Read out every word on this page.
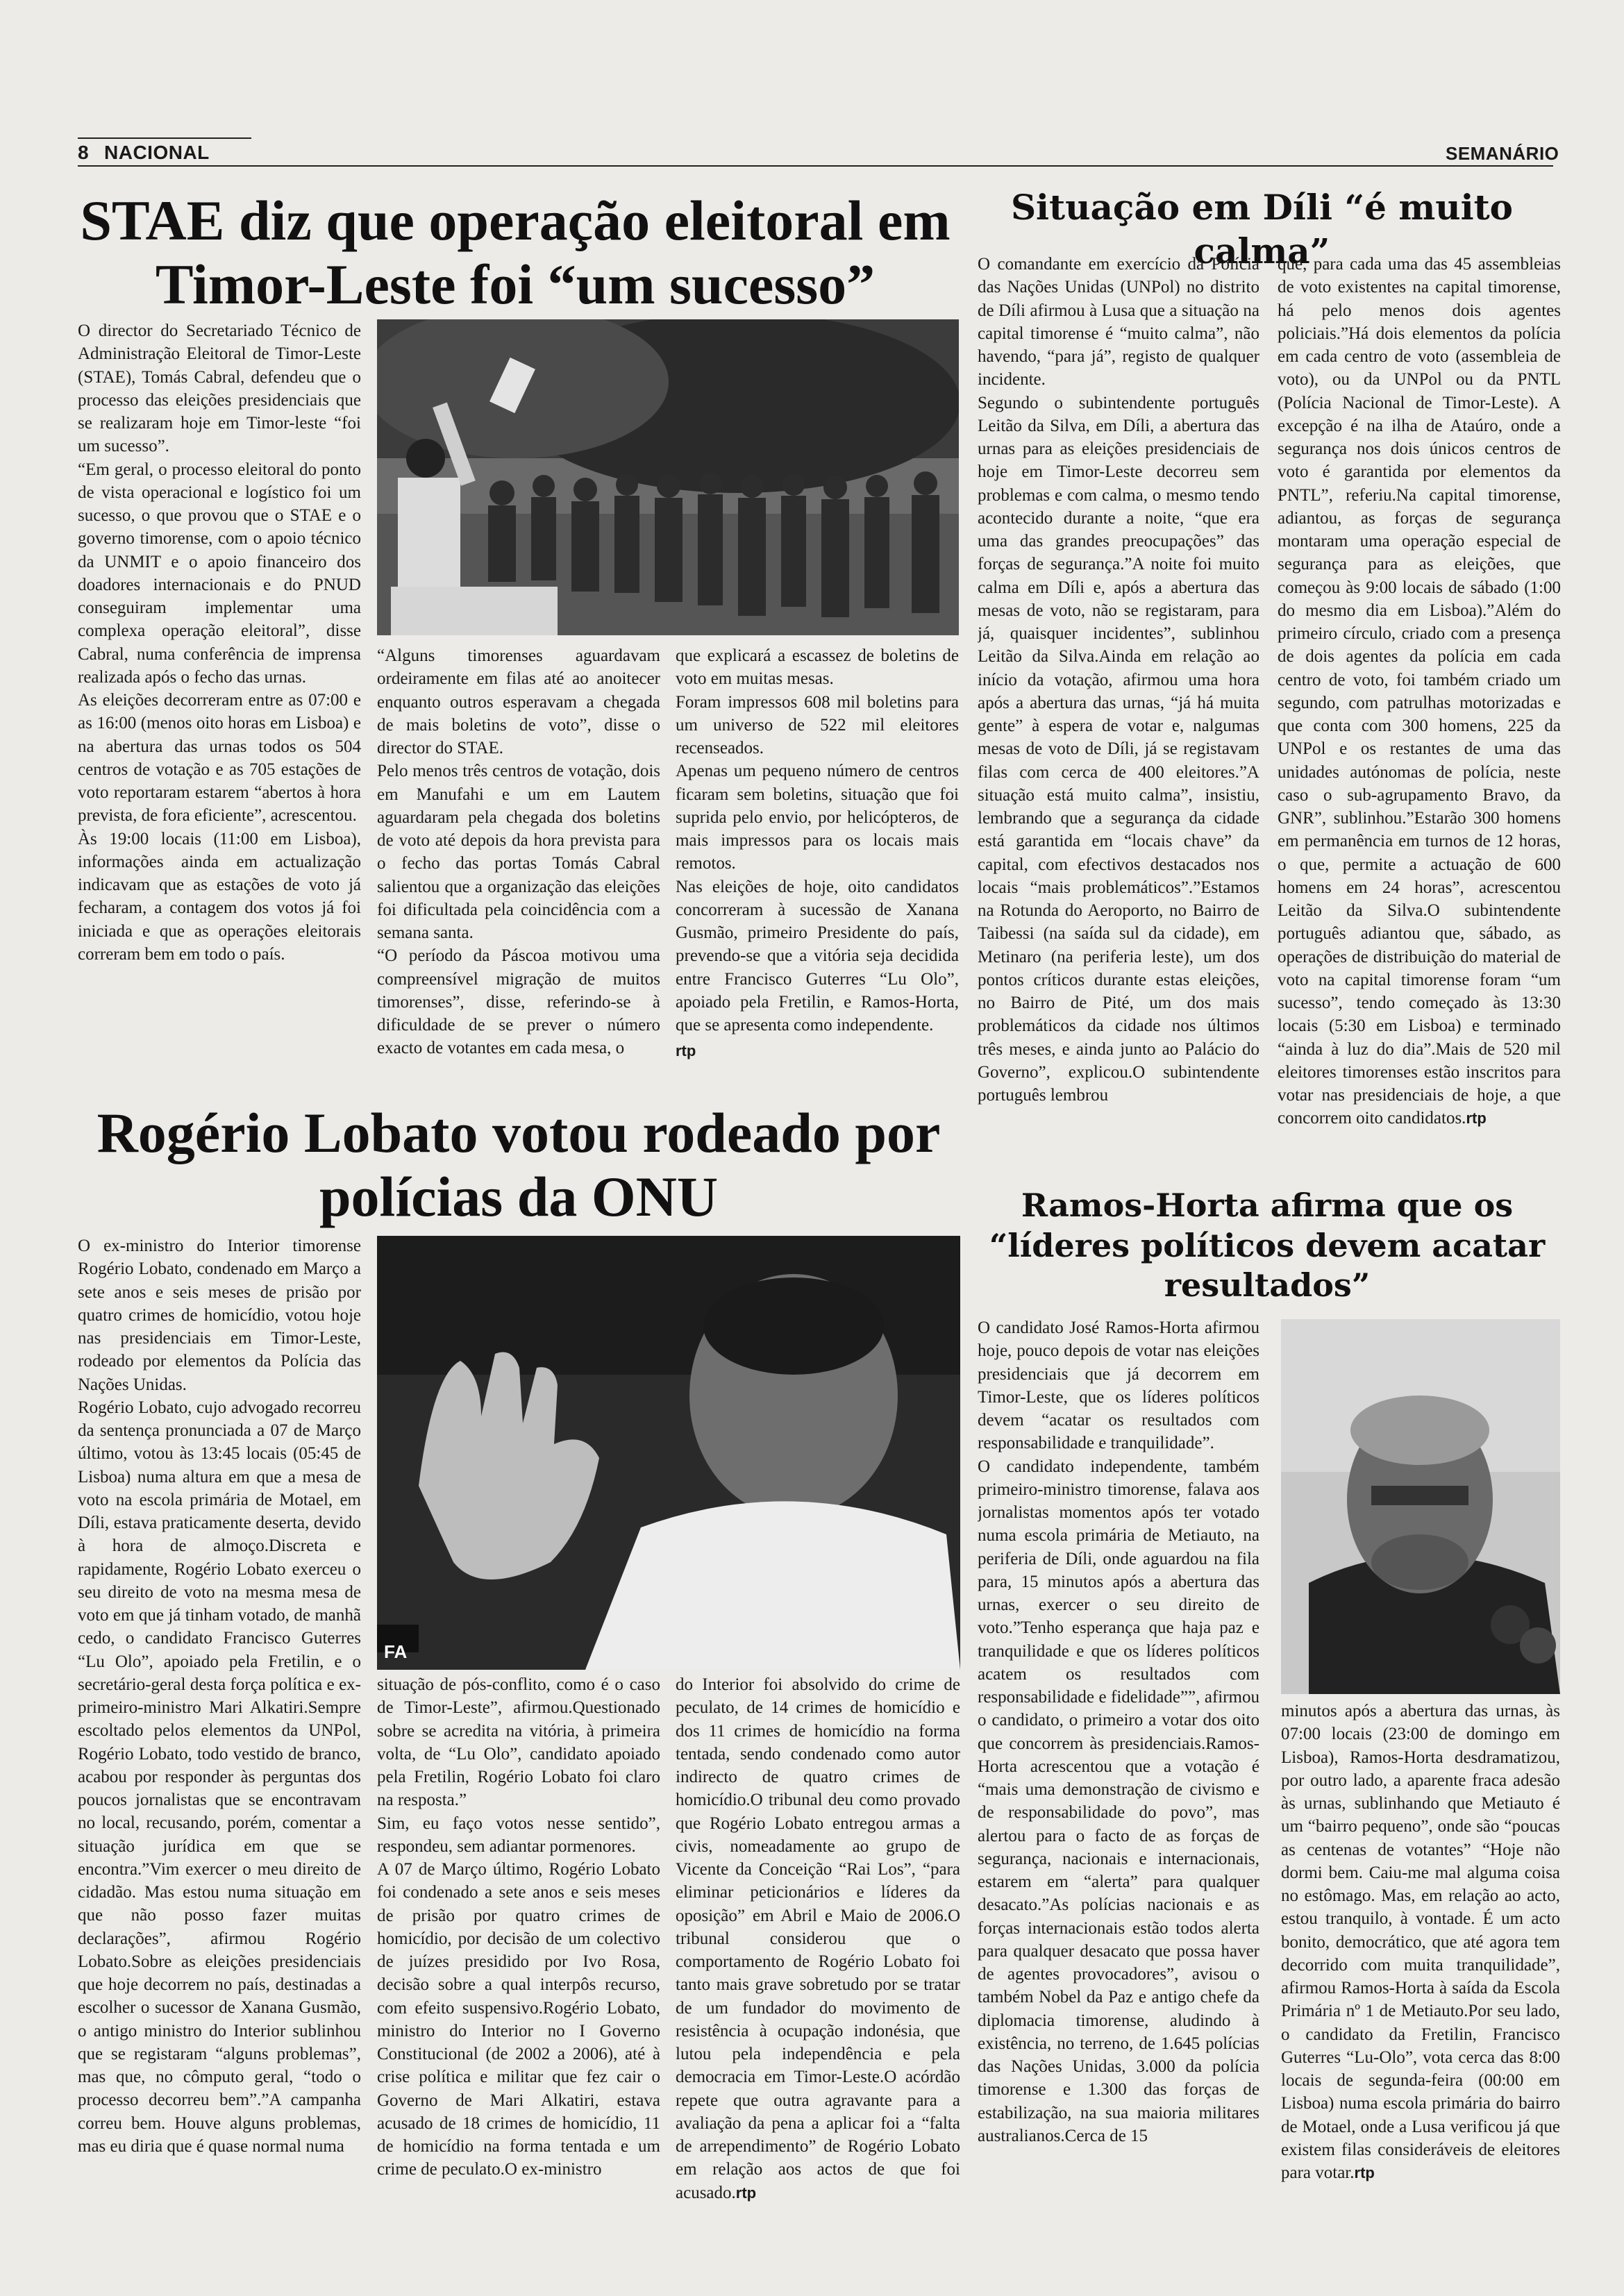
8 NACIONAL	SEMANÁRIO
STAE diz que operação eleitoral em
Timor-Leste foi “um sucesso”
O director do Secretariado Técnico de Administração Eleitoral de Timor-Leste (STAE), Tomás Cabral, defendeu que o processo das eleições presidenciais que se realizaram hoje em Timor-leste “foi um sucesso”.
“Em geral, o processo eleitoral do ponto de vista operacional e logístico foi um sucesso, o que provou que o STAE e o governo timorense, com o apoio técnico da UNMIT e o apoio financeiro dos doadores internacionais e do PNUD conseguiram implementar uma complexa operação eleitoral”, disse Cabral, numa conferência de imprensa realizada após o fecho das urnas.
As eleições decorreram entre as 07:00 e as 16:00 (menos oito horas em Lisboa) e na abertura das urnas todos os 504 centros de votação e as 705 estações de voto reportaram estarem “abertos à hora prevista, de fora eficiente”, acrescentou.
Às 19:00 locais (11:00 em Lisboa), informações ainda em actualização indicavam que as estações de voto já fecharam, a contagem dos votos já foi iniciada e que as operações eleitorais correram bem em todo o país.
“Alguns timorenses aguardavam ordeiramente em filas até ao anoitecer enquanto outros esperavam a chegada de mais boletins de voto”, disse o director do STAE.
Pelo menos três centros de votação, dois em Manufahi e um em Lautem aguardaram pela chegada dos boletins de voto até depois da hora prevista para o fecho das portas Tomás Cabral salientou que a organização das eleições foi dificultada pela coincidência com a semana santa.
“O período da Páscoa motivou uma compreensível migração de muitos timorenses”, disse, referindo-se à dificuldade de se prever o número exacto de votantes em cada mesa, o
que explicará a escassez de boletins de voto em muitas mesas.
Foram impressos 608 mil boletins para um universo de 522 mil eleitores recenseados.
Apenas um pequeno número de centros ficaram sem boletins, situação que foi suprida pelo envio, por helicópteros, de mais impressos para os locais mais remotos.
Nas eleições de hoje, oito candidatos concorreram à sucessão de Xanana Gusmão, primeiro Presidente do país, prevendo-se que a vitória seja decidida entre Francisco Guterres “Lu Olo”, apoiado pela Fretilin, e Ramos-Horta, que se apresenta como independente.
rtp
Situação em Díli “é muito calma”
O comandante em exercício da Polícia das Nações Unidas (UNPol) no distrito de Díli afirmou à Lusa que a situação na capital timorense é “muito calma”, não havendo, “para já”, registo de qualquer incidente.
Segundo o subintendente português Leitão da Silva, em Díli, a abertura das urnas para as eleições presidenciais de hoje em Timor-Leste decorreu sem problemas e com calma, o mesmo tendo acontecido durante a noite, “que era uma das grandes preocupações” das forças de segurança.”A noite foi muito calma em Díli e, após a abertura das mesas de voto, não se registaram, para já, quaisquer incidentes”, sublinhou Leitão da Silva.Ainda em relação ao início da votação, afirmou uma hora após a abertura das urnas, “já há muita gente” à espera de votar e, nalgumas mesas de voto de Díli, já se registavam filas com cerca de 400 eleitores.”A situação está muito calma”, insistiu, lembrando que a segurança da cidade está garantida em “locais chave” da capital, com efectivos destacados nos locais “mais problemáticos”.”Estamos na Rotunda do Aeroporto, no Bairro de Taibessi (na saída sul da cidade), em Metinaro (na periferia leste), um dos pontos críticos durante estas eleições, no Bairro de Pité, um dos mais problemáticos da cidade nos últimos três meses, e ainda junto ao Palácio do Governo”, explicou.O subintendente português lembrou
que, para cada uma das 45 assembleias de voto existentes na capital timorense, há pelo menos dois agentes policiais.”Há dois elementos da polícia em cada centro de voto (assembleia de voto), ou da UNPol ou da PNTL (Polícia Nacional de Timor-Leste). A excepção é na ilha de Ataúro, onde a segurança nos dois únicos centros de voto é garantida por elementos da PNTL”, referiu.Na capital timorense, adiantou, as forças de segurança montaram uma operação especial de segurança para as eleições, que começou às 9:00 locais de sábado (1:00 do mesmo dia em Lisboa).”Além do primeiro círculo, criado com a presença de dois agentes da polícia em cada centro de voto, foi também criado um segundo, com patrulhas motorizadas e que conta com 300 homens, 225 da UNPol e os restantes de uma das unidades autónomas de polícia, neste caso o sub-agrupamento Bravo, da GNR”, sublinhou.”Estarão 300 homens em permanência em turnos de 12 horas, o que, permite a actuação de 600 homens em 24 horas”, acrescentou Leitão da Silva.O subintendente português adiantou que, sábado, as operações de distribuição do material de voto na capital timorense foram “um sucesso”, tendo começado às 13:30 locais (5:30 em Lisboa) e terminado “ainda à luz do dia”.Mais de 520 mil eleitores timorenses estão inscritos para votar nas presidenciais de hoje, a que concorrem oito candidatos.rtp
Rogério Lobato votou rodeado por
polícias da ONU
O ex-ministro do Interior timorense Rogério Lobato, condenado em Março a sete anos e seis meses de prisão por quatro crimes de homicídio, votou hoje nas presidenciais em Timor-Leste, rodeado por elementos da Polícia das Nações Unidas.
Rogério Lobato, cujo advogado recorreu da sentença pronunciada a 07 de Março último, votou às 13:45 locais (05:45 de Lisboa) numa altura em que a mesa de voto na escola primária de Motael, em Díli, estava praticamente deserta, devido à hora de almoço.Discreta e rapidamente, Rogério Lobato exerceu o seu direito de voto na mesma mesa de voto em que já tinham votado, de manhã cedo, o candidato Francisco Guterres “Lu Olo”, apoiado pela Fretilin, e o secretário-geral desta força política e ex-primeiro-ministro Mari Alkatiri.Sempre escoltado pelos elementos da UNPol, Rogério Lobato, todo vestido de branco, acabou por responder às perguntas dos poucos jornalistas que se encontravam no local, recusando, porém, comentar a situação jurídica em que se encontra.”Vim exercer o meu direito de cidadão. Mas estou numa situação em que não posso fazer muitas declarações”, afirmou Rogério Lobato.Sobre as eleições presidenciais que hoje decorrem no país, destinadas a escolher o sucessor de Xanana Gusmão, o antigo ministro do Interior sublinhou que se registaram “alguns problemas”, mas que, no cômputo geral, “todo o processo decorreu bem”.”A campanha correu bem. Houve alguns problemas, mas eu diria que é quase normal numa
FA
situação de pós-conflito, como é o caso de Timor-Leste”, afirmou.Questionado sobre se acredita na vitória, à primeira volta, de “Lu Olo”, candidato apoiado pela Fretilin, Rogério Lobato foi claro na resposta.”
Sim, eu faço votos nesse sentido”, respondeu, sem adiantar pormenores.
A 07 de Março último, Rogério Lobato foi condenado a sete anos e seis meses de prisão por quatro crimes de homicídio, por decisão de um colectivo de juízes presidido por Ivo Rosa, decisão sobre a qual interpôs recurso, com efeito suspensivo.Rogério Lobato, ministro do Interior no I Governo Constitucional (de 2002 a 2006), até à crise política e militar que fez cair o Governo de Mari Alkatiri, estava acusado de 18 crimes de homicídio, 11 de homicídio na forma tentada e um crime de peculato.O ex-ministro
do Interior foi absolvido do crime de peculato, de 14 crimes de homicídio e dos 11 crimes de homicídio na forma tentada, sendo condenado como autor indirecto de quatro crimes de homicídio.O tribunal deu como provado que Rogério Lobato entregou armas a civis, nomeadamente ao grupo de Vicente da Conceição “Rai Los”, “para eliminar peticionários e líderes da oposição” em Abril e Maio de 2006.O tribunal considerou que o comportamento de Rogério Lobato foi tanto mais grave sobretudo por se tratar de um fundador do movimento de resistência à ocupação indonésia, que lutou pela independência e pela democracia em Timor-Leste.O acórdão repete que outra agravante para a avaliação da pena a aplicar foi a “falta de arrependimento” de Rogério Lobato em relação aos actos de que foi acusado.rtp
Ramos-Horta afirma que os
“líderes políticos devem acatar
resultados”
O candidato José Ramos-Horta afirmou hoje, pouco depois de votar nas eleições presidenciais que já decorrem em Timor-Leste, que os líderes políticos devem “acatar os resultados com responsabilidade e tranquilidade”.
O candidato independente, também primeiro-ministro timorense, falava aos jornalistas momentos após ter votado numa escola primária de Metiauto, na periferia de Díli, onde aguardou na fila para, 15 minutos após a abertura das urnas, exercer o seu direito de voto.”Tenho esperança que haja paz e tranquilidade e que os líderes políticos acatem os resultados com responsabilidade e fidelidade””, afirmou o candidato, o primeiro a votar dos oito que concorrem às presidenciais.Ramos-Horta acrescentou que a votação é “mais uma demonstração de civismo e de responsabilidade do povo”, mas alertou para o facto de as forças de segurança, nacionais e internacionais, estarem em “alerta” para qualquer desacato.”As polícias nacionais e as forças internacionais estão todos alerta para qualquer desacato que possa haver de agentes provocadores”, avisou o também Nobel da Paz e antigo chefe da diplomacia timorense, aludindo à existência, no terreno, de 1.645 polícias das Nações Unidas, 3.000 da polícia timorense e 1.300 das forças de estabilização, na sua maioria militares australianos.Cerca de 15
minutos após a abertura das urnas, às 07:00 locais (23:00 de domingo em Lisboa), Ramos-Horta desdramatizou, por outro lado, a aparente fraca adesão às urnas, sublinhando que Metiauto é um “bairro pequeno”, onde são “poucas as centenas de votantes” “Hoje não dormi bem. Caiu-me mal alguma coisa no estômago. Mas, em relação ao acto, estou tranquilo, à vontade. É um acto bonito, democrático, que até agora tem decorrido com muita tranquilidade”, afirmou Ramos-Horta à saída da Escola Primária nº 1 de Metiauto.Por seu lado, o candidato da Fretilin, Francisco Guterres “Lu-Olo”, vota cerca das 8:00 locais de segunda-feira (00:00 em Lisboa) numa escola primária do bairro de Motael, onde a Lusa verificou já que existem filas consideráveis de eleitores para votar.rtp
